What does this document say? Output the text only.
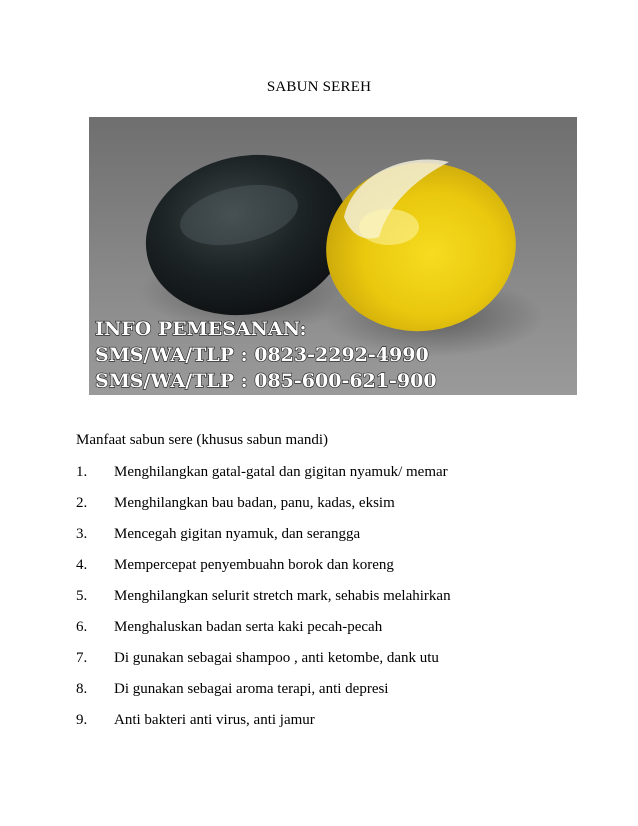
SABUN SEREH
INFO PEMESANAN:
SMS/WA/TLP : 0823-2292-4990
SMS/WA/TLP : 085-600-621-900
Manfaat sabun sere (khusus sabun mandi)
1.	Menghilangkan gatal-gatal dan gigitan nyamuk/ memar
2.	Menghilangkan bau badan, panu, kadas, eksim
3.	Mencegah gigitan nyamuk, dan serangga
4.	Mempercepat penyembuahn borok dan koreng
5.	Menghilangkan selurit stretch mark, sehabis melahirkan
6.	Menghaluskan badan serta kaki pecah-pecah
7.	Di gunakan sebagai shampoo , anti ketombe, dank utu
8.	Di gunakan sebagai aroma terapi, anti depresi
9.	Anti bakteri anti virus, anti jamur
